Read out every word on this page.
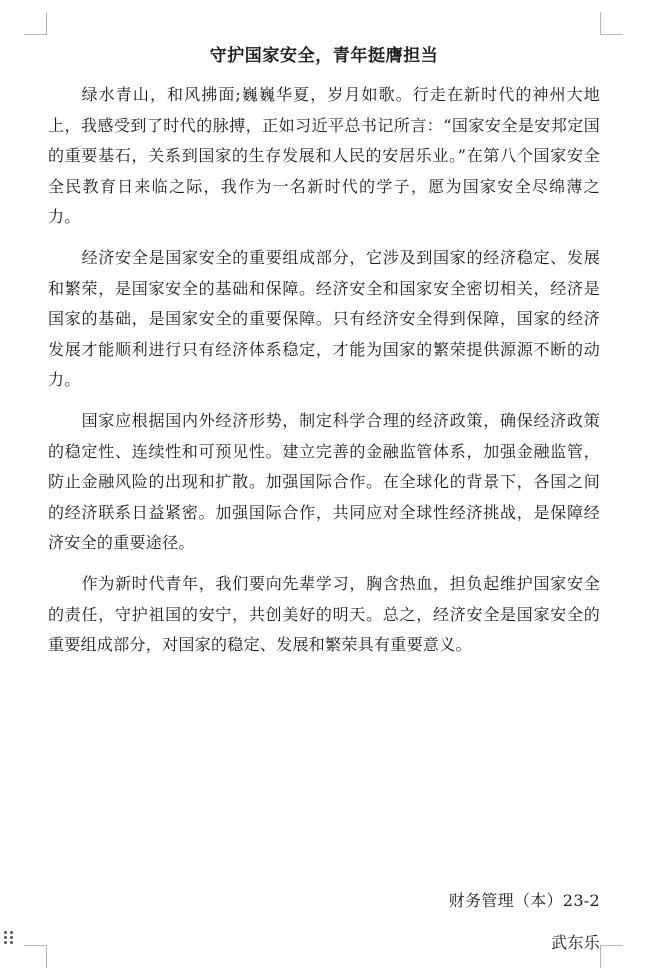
守护国家安全，青年挺膺担当

绿水青山，和风拂面;巍巍华夏，岁月如歌。行走在新时代的神州大地上，我感受到了时代的脉搏，正如习近平总书记所言：“国家安全是安邦定国的重要基石，关系到国家的生存发展和人民的安居乐业。”在第八个国家安全全民教育日来临之际，我作为一名新时代的学子，愿为国家安全尽绵薄之力。

经济安全是国家安全的重要组成部分，它涉及到国家的经济稳定、发展和繁荣，是国家安全的基础和保障。经济安全和国家安全密切相关，经济是国家的基础，是国家安全的重要保障。只有经济安全得到保障，国家的经济发展才能顺利进行只有经济体系稳定，才能为国家的繁荣提供源源不断的动力。

国家应根据国内外经济形势，制定科学合理的经济政策，确保经济政策的稳定性、连续性和可预见性。建立完善的金融监管体系，加强金融监管，防止金融风险的出现和扩散。加强国际合作。在全球化的背景下，各国之间的经济联系日益紧密。加强国际合作，共同应对全球性经济挑战，是保障经济安全的重要途径。

作为新时代青年，我们要向先辈学习，胸含热血，担负起维护国家安全的责任，守护祖国的安宁，共创美好的明天。总之，经济安全是国家安全的重要组成部分，对国家的稳定、发展和繁荣具有重要意义。

财务管理（本）23-2
武东乐
